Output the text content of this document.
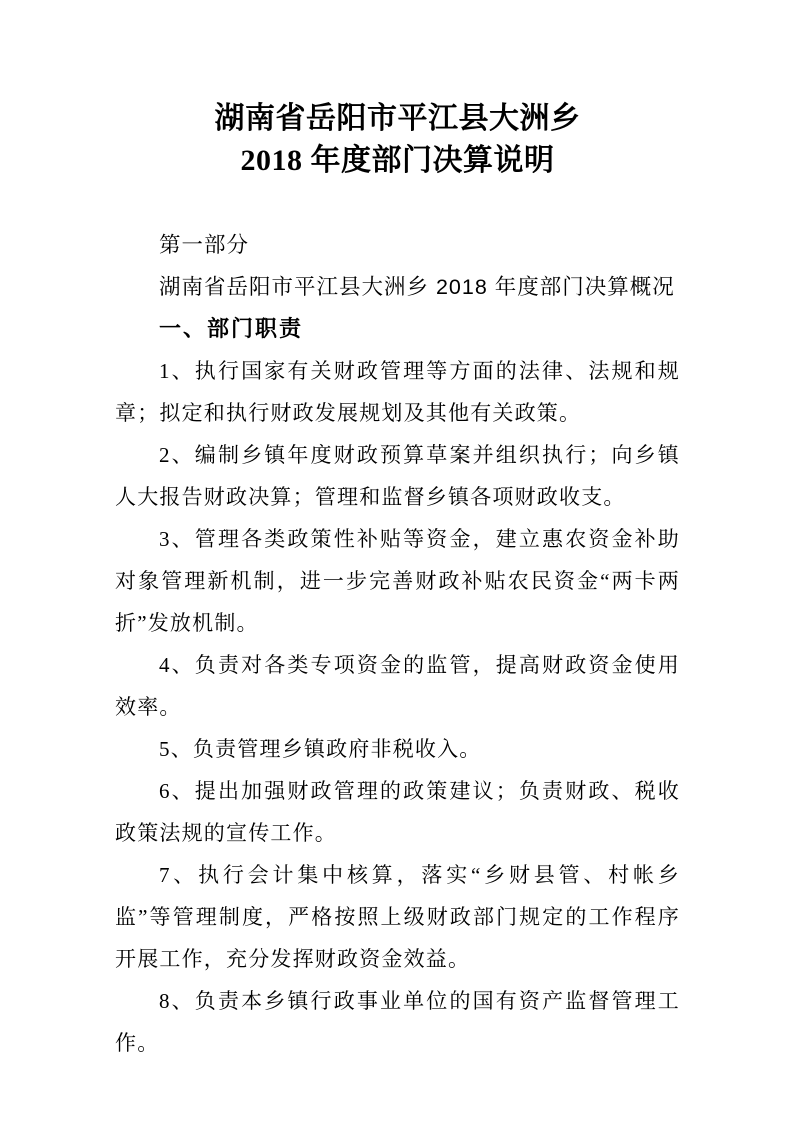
湖南省岳阳市平江县大洲乡
2018 年度部门决算说明
第一部分
湖南省岳阳市平江县大洲乡 2018 年度部门决算概况
一、部门职责

1、执行国家有关财政管理等方面的法律、法规和规章；拟定和执行财政发展规划及其他有关政策。

2、编制乡镇年度财政预算草案并组织执行；向乡镇人大报告财政决算；管理和监督乡镇各项财政收支。

3、管理各类政策性补贴等资金，建立惠农资金补助对象管理新机制，进一步完善财政补贴农民资金“两卡两折”发放机制。

4、负责对各类专项资金的监管，提高财政资金使用效率。

5、负责管理乡镇政府非税收入。

6、提出加强财政管理的政策建议；负责财政、税收政策法规的宣传工作。

7、执行会计集中核算，落实“乡财县管、村帐乡监”等管理制度，严格按照上级财政部门规定的工作程序开展工作，充分发挥财政资金效益。

8、负责本乡镇行政事业单位的国有资产监督管理工作。
